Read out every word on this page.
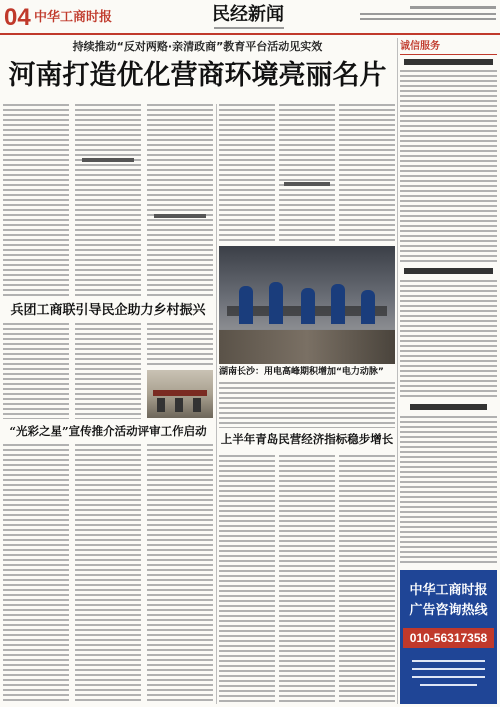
04 中华工商时报	民经新闻
持续推动“反对两赂·亲清政商”教育平台活动见实效
河南打造优化营商环境亮丽名片
湖南长沙：用电高峰期积增加“电力动脉”
兵团工商联引导民企助力乡村振兴
“光彩之星”宣传推介活动评审工作启动
上半年青岛民营经济指标稳步增长
诚信服务
中华工商时报
广告咨询热线
010-56317358
